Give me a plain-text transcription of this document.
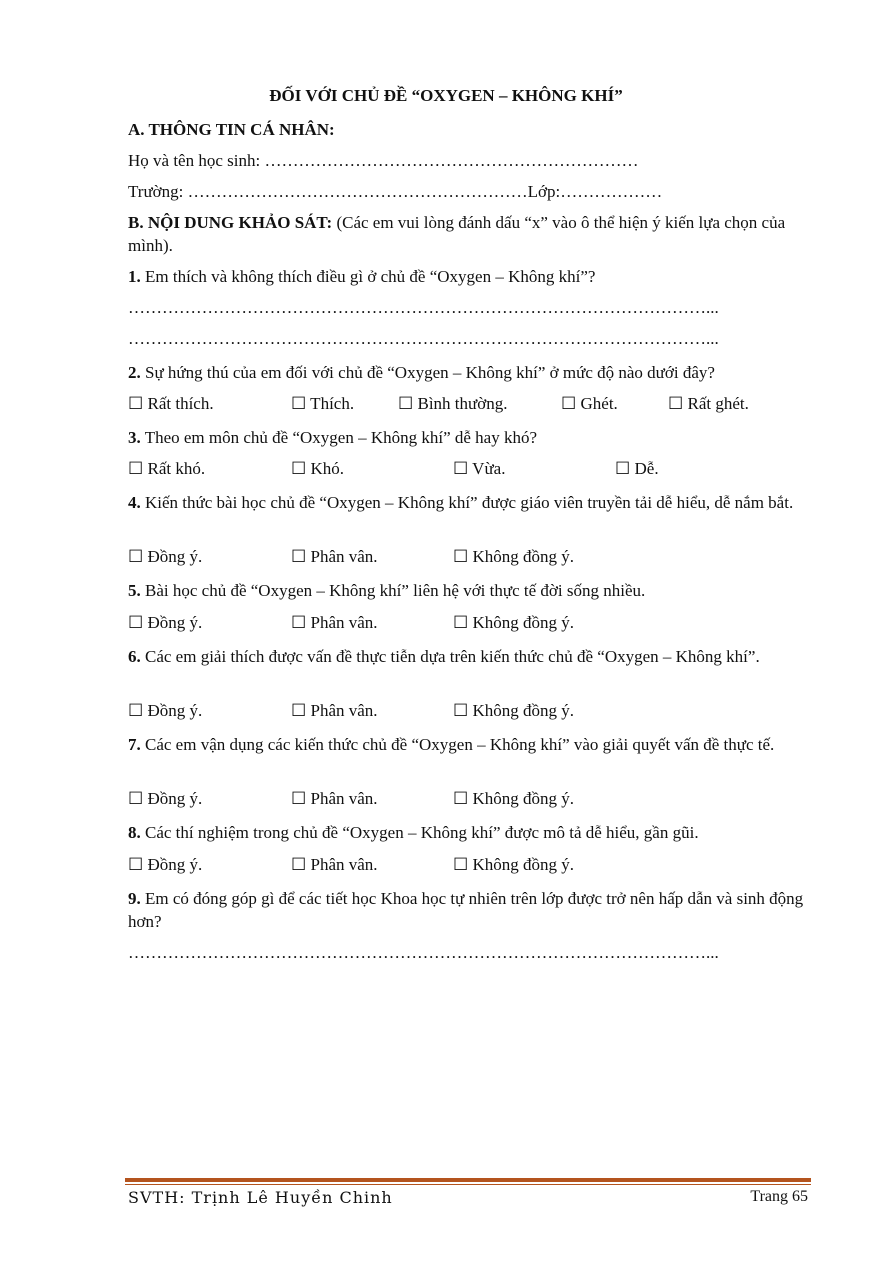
ĐỐI VỚI CHỦ ĐỀ “OXYGEN – KHÔNG KHÍ”
A. THÔNG TIN CÁ NHÂN:
Họ và tên học sinh: …………………………………………………………
Trường: ……………………………………………………Lớp:………………
B. NỘI DUNG KHẢO SÁT: (Các em vui lòng đánh dấu “x” vào ô thể hiện ý kiến lựa chọn của mình).
1. Em thích và không thích điều gì ở chủ đề “Oxygen – Không khí”?
…………………………………………………………………………………………...
…………………………………………………………………………………………...
2. Sự hứng thú của em đối với chủ đề “Oxygen – Không khí” ở mức độ nào dưới đây?
☐ Rất thích.	☐ Thích.	☐ Bình thường.	☐ Ghét.	☐ Rất ghét.
3. Theo em môn chủ đề “Oxygen – Không khí” dễ hay khó?
☐ Rất khó.	☐ Khó.	☐ Vừa.	☐ Dễ.
4. Kiến thức bài học chủ đề “Oxygen – Không khí” được giáo viên truyền tải dễ hiểu, dễ nắm bắt.
☐ Đồng ý.	☐ Phân vân.	☐ Không đồng ý.
5. Bài học chủ đề “Oxygen – Không khí” liên hệ với thực tế đời sống nhiều.
☐ Đồng ý.	☐ Phân vân.	☐ Không đồng ý.
6. Các em giải thích được vấn đề thực tiễn dựa trên kiến thức chủ đề “Oxygen – Không khí”.
☐ Đồng ý.	☐ Phân vân.	☐ Không đồng ý.
7. Các em vận dụng các kiến thức chủ đề “Oxygen – Không khí” vào giải quyết vấn đề thực tế.
☐ Đồng ý.	☐ Phân vân.	☐ Không đồng ý.
8. Các thí nghiệm trong chủ đề “Oxygen – Không khí” được mô tả dễ hiểu, gần gũi.
☐ Đồng ý.	☐ Phân vân.	☐ Không đồng ý.
9. Em có đóng góp gì để các tiết học Khoa học tự nhiên trên lớp được trở nên hấp dẫn và sinh động hơn?
…………………………………………………………………………………………...
SVTH: Trịnh Lê Huyền Chinh	Trang 65
